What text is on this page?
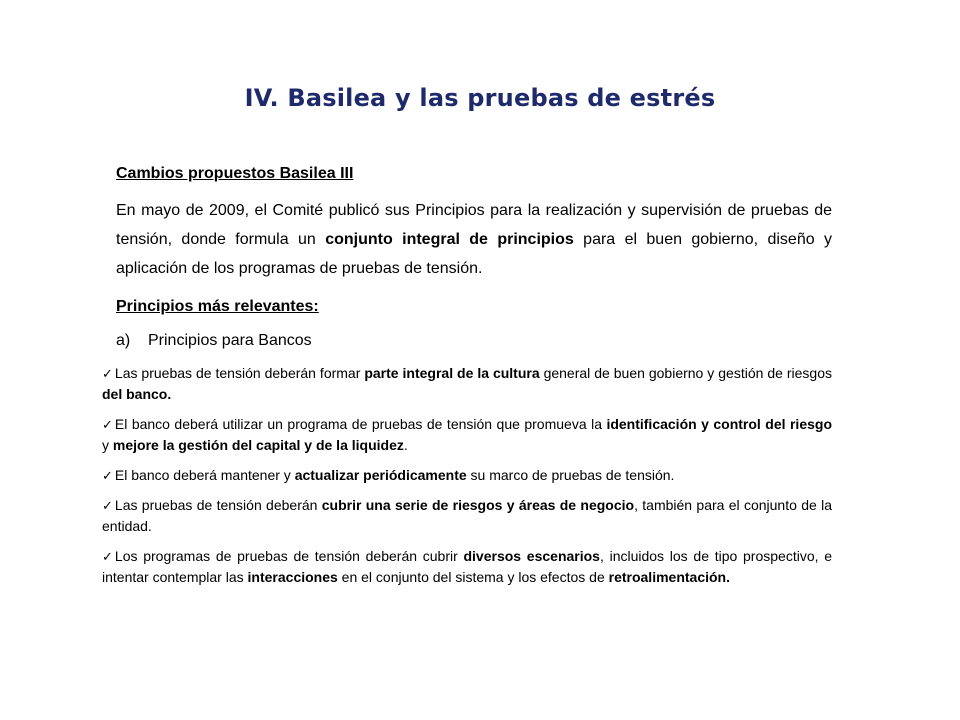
IV. Basilea y las pruebas de estrés
Cambios propuestos Basilea III

En mayo de 2009, el Comité publicó sus Principios para la realización y supervisión de pruebas de tensión, donde formula un conjunto integral de principios para el buen gobierno, diseño y aplicación de los programas de pruebas de tensión.

Principios más relevantes:
a) Principios para Bancos
✓ Las pruebas de tensión deberán formar parte integral de la cultura general de buen gobierno y gestión de riesgos del banco.
✓ El banco deberá utilizar un programa de pruebas de tensión que promueva la identificación y control del riesgo y mejore la gestión del capital y de la liquidez.
✓ El banco deberá mantener y actualizar periódicamente su marco de pruebas de tensión.
✓ Las pruebas de tensión deberán cubrir una serie de riesgos y áreas de negocio, también para el conjunto de la entidad.
✓ Los programas de pruebas de tensión deberán cubrir diversos escenarios, incluidos los de tipo prospectivo, e intentar contemplar las interacciones en el conjunto del sistema y los efectos de retroalimentación.
